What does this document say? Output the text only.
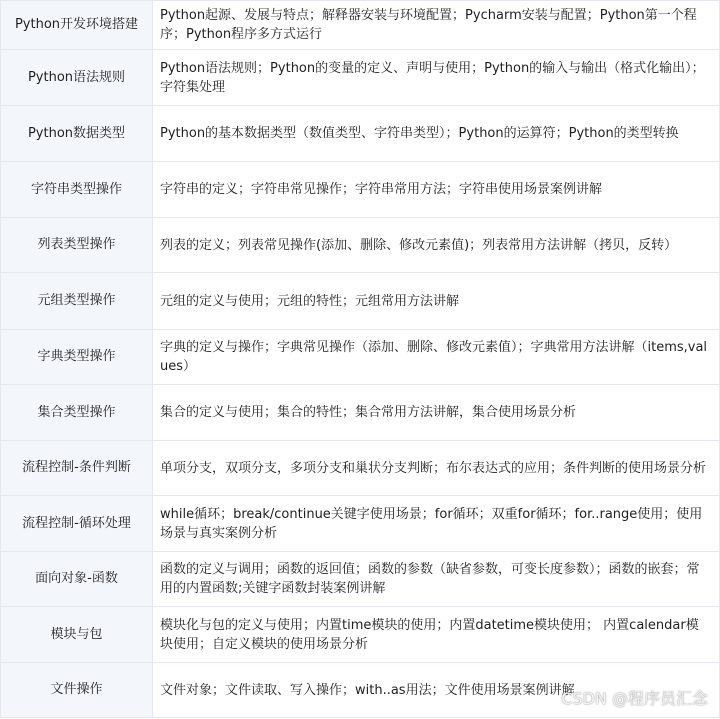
Python开发环境搭建	Python起源、发展与特点；解释器安装与环境配置；Pycharm安装与配置；Python第一个程序；Python程序多方式运行

Python语法规则	Python语法规则；Python的变量的定义、声明与使用；Python的输入与输出（格式化输出）；字符集处理

Python数据类型	Python的基本数据类型（数值类型、字符串类型）；Python的运算符；Python的类型转换

字符串类型操作	字符串的定义；字符串常见操作；字符串常用方法；字符串使用场景案例讲解

列表类型操作	列表的定义；列表常见操作(添加、删除、修改元素值)；列表常用方法讲解（拷贝，反转）

元组类型操作	元组的定义与使用；元组的特性；元组常用方法讲解

字典类型操作	字典的定义与操作；字典常见操作（添加、删除、修改元素值）；字典常用方法讲解（items,values）

集合类型操作	集合的定义与使用；集合的特性；集合常用方法讲解，集合使用场景分析

流程控制-条件判断	单项分支，双项分支，多项分支和巢状分支判断；布尔表达式的应用；条件判断的使用场景分析

流程控制-循环处理	while循环；break/continue关键字使用场景；for循环；双重for循环；for..range使用；使用场景与真实案例分析

面向对象-函数	函数的定义与调用；函数的返回值；函数的参数（缺省参数，可变长度参数）；函数的嵌套；常用的内置函数;关键字函数封装案例讲解

模块与包	模块化与包的定义与使用；内置time模块的使用；内置datetime模块使用； 内置calendar模块使用；自定义模块的使用场景分析

文件操作	文件对象；文件读取、写入操作；with..as用法；文件使用场景案例讲解
CSDN @程序员汇念
